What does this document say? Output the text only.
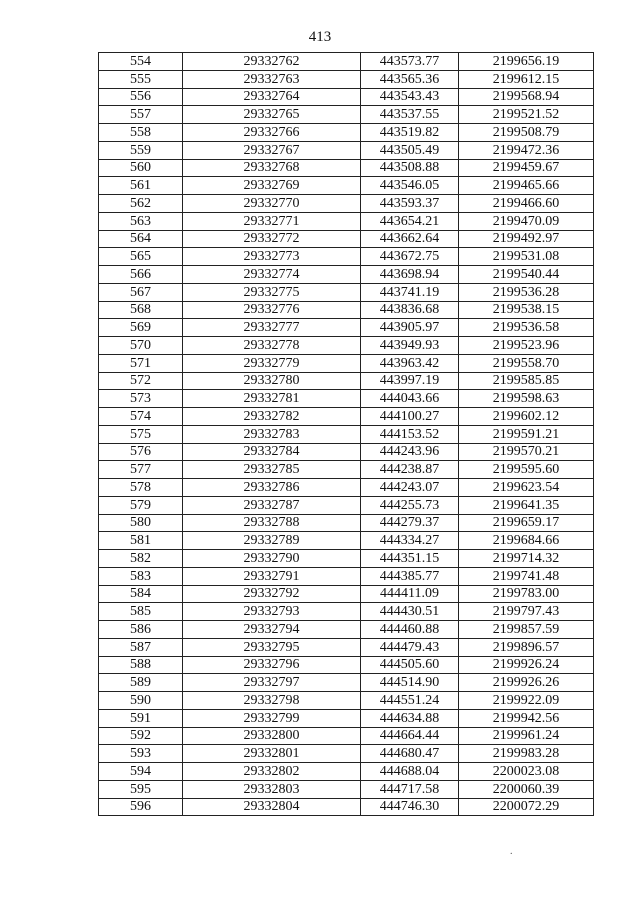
413
554	29332762	443573.77	2199656.19
555	29332763	443565.36	2199612.15
556	29332764	443543.43	2199568.94
557	29332765	443537.55	2199521.52
558	29332766	443519.82	2199508.79
559	29332767	443505.49	2199472.36
560	29332768	443508.88	2199459.67
561	29332769	443546.05	2199465.66
562	29332770	443593.37	2199466.60
563	29332771	443654.21	2199470.09
564	29332772	443662.64	2199492.97
565	29332773	443672.75	2199531.08
566	29332774	443698.94	2199540.44
567	29332775	443741.19	2199536.28
568	29332776	443836.68	2199538.15
569	29332777	443905.97	2199536.58
570	29332778	443949.93	2199523.96
571	29332779	443963.42	2199558.70
572	29332780	443997.19	2199585.85
573	29332781	444043.66	2199598.63
574	29332782	444100.27	2199602.12
575	29332783	444153.52	2199591.21
576	29332784	444243.96	2199570.21
577	29332785	444238.87	2199595.60
578	29332786	444243.07	2199623.54
579	29332787	444255.73	2199641.35
580	29332788	444279.37	2199659.17
581	29332789	444334.27	2199684.66
582	29332790	444351.15	2199714.32
583	29332791	444385.77	2199741.48
584	29332792	444411.09	2199783.00
585	29332793	444430.51	2199797.43
586	29332794	444460.88	2199857.59
587	29332795	444479.43	2199896.57
588	29332796	444505.60	2199926.24
589	29332797	444514.90	2199926.26
590	29332798	444551.24	2199922.09
591	29332799	444634.88	2199942.56
592	29332800	444664.44	2199961.24
593	29332801	444680.47	2199983.28
594	29332802	444688.04	2200023.08
595	29332803	444717.58	2200060.39
596	29332804	444746.30	2200072.29
.
